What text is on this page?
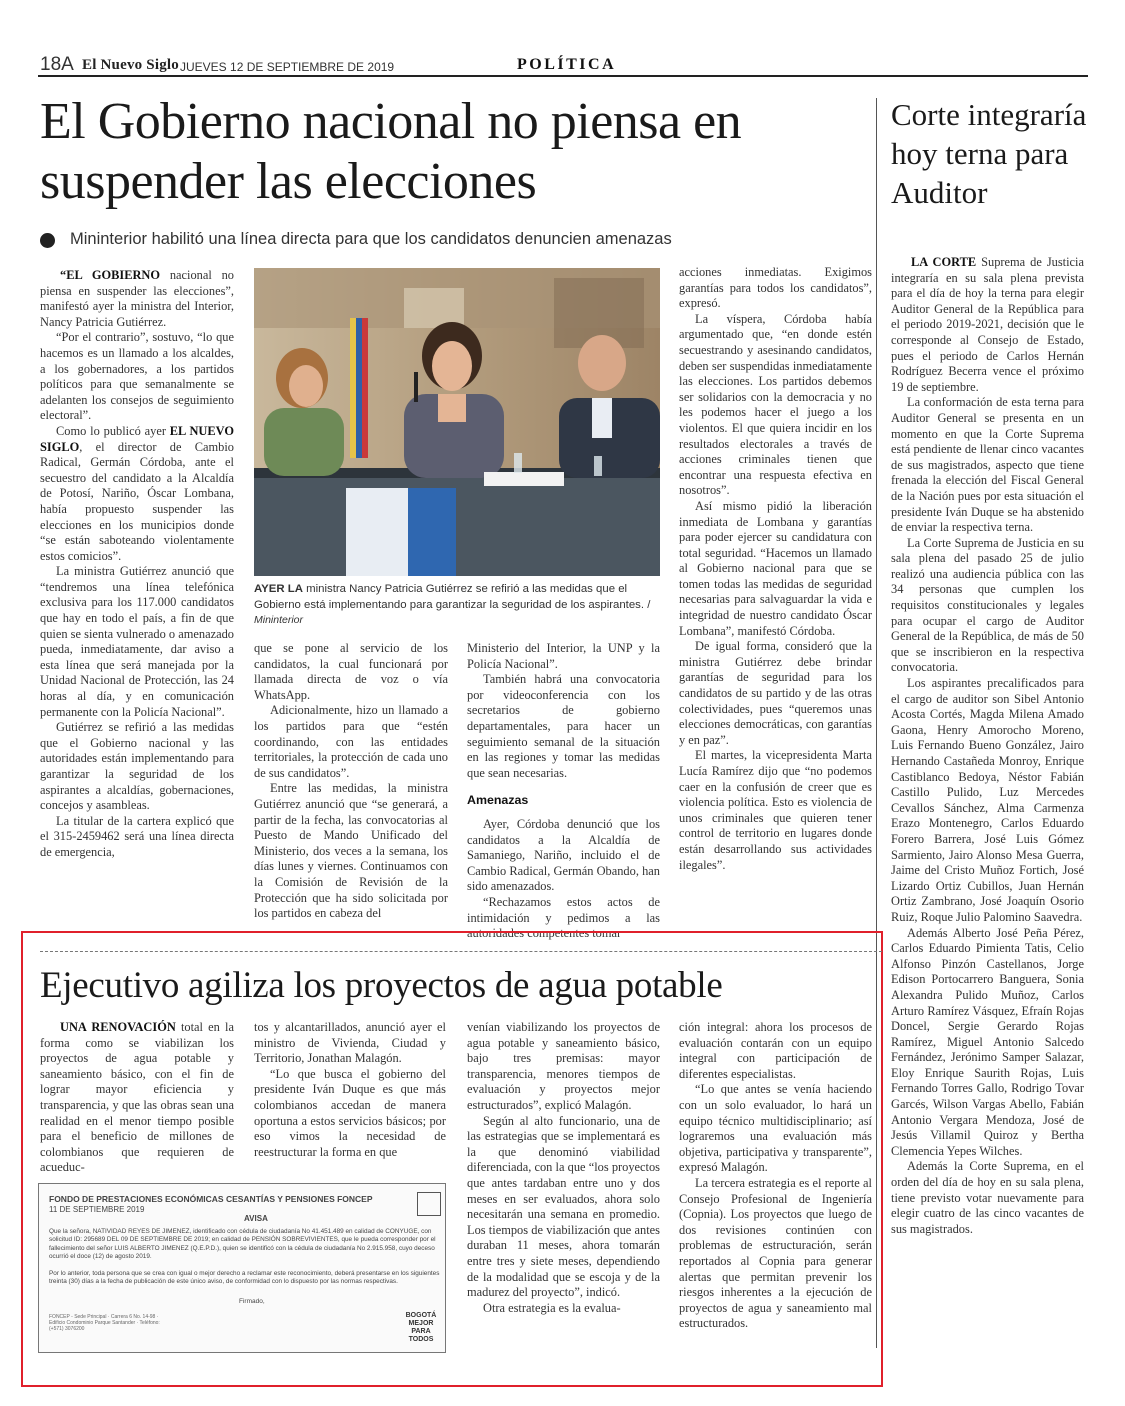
18A El Nuevo Siglo JUEVES 12 DE SEPTIEMBRE DE 2019	POLÍTICA
El Gobierno nacional no piensa en suspender las elecciones
Mininterior habilitó una línea directa para que los candidatos denuncien amenazas

“EL GOBIERNO nacional no piensa en suspender las elecciones”, manifestó ayer la ministra del Interior, Nancy Patricia Gutiérrez.

“Por el contrario”, sostuvo, “lo que hacemos es un llamado a los alcaldes, a los gobernadores, a los partidos políticos para que semanalmente se adelanten los consejos de seguimiento electoral”.

Como lo publicó ayer EL NUEVO SIGLO, el director de Cambio Radical, Germán Córdoba, ante el secuestro del candidato a la Alcaldía de Potosí, Nariño, Óscar Lombana, había propuesto suspender las elecciones en los municipios donde “se están saboteando violentamente estos comicios”.

La ministra Gutiérrez anunció que “tendremos una línea telefónica exclusiva para los 117.000 candidatos que hay en todo el país, a fin de que quien se sienta vulnerado o amenazado pueda, inmediatamente, dar aviso a esta línea que será manejada por la Unidad Nacional de Protección, las 24 horas al día, y en comunicación permanente con la Policía Nacional”.

Gutiérrez se refirió a las medidas que el Gobierno nacional y las autoridades están implementando para garantizar la seguridad de los aspirantes a alcaldías, gobernaciones, concejos y asambleas.

La titular de la cartera explicó que el 315-2459462 será una línea directa de emergencia,

AYER LA ministra Nancy Patricia Gutiérrez se refirió a las medidas que el Gobierno está implementando para garantizar la seguridad de los aspirantes. / Mininterior

que se pone al servicio de los candidatos, la cual funcionará por llamada directa de voz o vía WhatsApp.

Adicionalmente, hizo un llamado a los partidos para que “estén coordinando, con las entidades territoriales, la protección de cada uno de sus candidatos”.

Entre las medidas, la ministra Gutiérrez anunció que “se generará, a partir de la fecha, las convocatorias al Puesto de Mando Unificado del Ministerio, dos veces a la semana, los días lunes y viernes. Continuamos con la Comisión de Revisión de la Protección que ha sido solicitada por los partidos en cabeza del

Ministerio del Interior, la UNP y la Policía Nacional”.

También habrá una convocatoria por videoconferencia con los secretarios de gobierno departamentales, para hacer un seguimiento semanal de la situación en las regiones y tomar las medidas que sean necesarias.

Amenazas

Ayer, Córdoba denunció que los candidatos a la Alcaldía de Samaniego, Nariño, incluido el de Cambio Radical, Germán Obando, han sido amenazados.

“Rechazamos estos actos de intimidación y pedimos a las autoridades competentes tomar

acciones inmediatas. Exigimos garantías para todos los candidatos”, expresó.

La víspera, Córdoba había argumentado que, “en donde estén secuestrando y asesinando candidatos, deben ser suspendidas inmediatamente las elecciones. Los partidos debemos ser solidarios con la democracia y no les podemos hacer el juego a los violentos. El que quiera incidir en los resultados electorales a través de acciones criminales tienen que encontrar una respuesta efectiva en nosotros”.

Así mismo pidió la liberación inmediata de Lombana y garantías para poder ejercer su candidatura con total seguridad. “Hacemos un llamado al Gobierno nacional para que se tomen todas las medidas de seguridad necesarias para salvaguardar la vida e integridad de nuestro candidato Óscar Lombana”, manifestó Córdoba.

De igual forma, consideró que la ministra Gutiérrez debe brindar garantías de seguridad para los candidatos de su partido y de las otras colectividades, pues “queremos unas elecciones democráticas, con garantías y en paz”.

El martes, la vicepresidenta Marta Lucía Ramírez dijo que “no podemos caer en la confusión de creer que es violencia política. Esto es violencia de unos criminales que quieren tener control de territorio en lugares donde están desarrollando sus actividades ilegales”.

Corte integraría hoy terna para Auditor

LA CORTE Suprema de Justicia integraría en su sala plena prevista para el día de hoy la terna para elegir Auditor General de la República para el periodo 2019-2021, decisión que le corresponde al Consejo de Estado, pues el periodo de Carlos Hernán Rodríguez Becerra vence el próximo 19 de septiembre.

La conformación de esta terna para Auditor General se presenta en un momento en que la Corte Suprema está pendiente de llenar cinco vacantes de sus magistrados, aspecto que tiene frenada la elección del Fiscal General de la Nación pues por esta situación el presidente Iván Duque se ha abstenido de enviar la respectiva terna.

La Corte Suprema de Justicia en su sala plena del pasado 25 de julio realizó una audiencia pública con las 34 personas que cumplen los requisitos constitucionales y legales para ocupar el cargo de Auditor General de la República, de más de 50 que se inscribieron en la respectiva convocatoria.

Los aspirantes precalificados para el cargo de auditor son Sibel Antonio Acosta Cortés, Magda Milena Amado Gaona, Henry Amorocho Moreno, Luis Fernando Bueno González, Jairo Hernando Castañeda Monroy, Enrique Castiblanco Bedoya, Néstor Fabián Castillo Pulido, Luz Mercedes Cevallos Sánchez, Alma Carmenza Erazo Montenegro, Carlos Eduardo Forero Barrera, José Luis Gómez Sarmiento, Jairo Alonso Mesa Guerra, Jaime del Cristo Muñoz Fortich, José Lizardo Ortiz Cubillos, Juan Hernán Ortiz Zambrano, José Joaquín Osorio Ruiz, Roque Julio Palomino Saavedra.

Además Alberto José Peña Pérez, Carlos Eduardo Pimienta Tatis, Celio Alfonso Pinzón Castellanos, Jorge Edison Portocarrero Banguera, Sonia Alexandra Pulido Muñoz, Carlos Arturo Ramírez Vásquez, Efraín Rojas Doncel, Sergie Gerardo Rojas Ramírez, Miguel Antonio Salcedo Fernández, Jerónimo Samper Salazar, Eloy Enrique Saurith Rojas, Luis Fernando Torres Gallo, Rodrigo Tovar Garcés, Wilson Vargas Abello, Fabián Antonio Vergara Mendoza, José de Jesús Villamil Quiroz y Bertha Clemencia Yepes Wilches.

Además la Corte Suprema, en el orden del día de hoy en su sala plena, tiene previsto votar nuevamente para elegir cuatro de las cinco vacantes de sus magistrados.

Ejecutivo agiliza los proyectos de agua potable

UNA RENOVACIÓN total en la forma como se viabilizan los proyectos de agua potable y saneamiento básico, con el fin de lograr mayor eficiencia y transparencia, y que las obras sean una realidad en el menor tiempo posible para el beneficio de millones de colombianos que requieren de acueduc-

tos y alcantarillados, anunció ayer el ministro de Vivienda, Ciudad y Territorio, Jonathan Malagón.

“Lo que busca el gobierno del presidente Iván Duque es que más colombianos accedan de manera oportuna a estos servicios básicos; por eso vimos la necesidad de reestructurar la forma en que

venían viabilizando los proyectos de agua potable y saneamiento básico, bajo tres premisas: mayor transparencia, menores tiempos de evaluación y proyectos mejor estructurados”, explicó Malagón.

Según al alto funcionario, una de las estrategias que se implementará es la que denominó viabilidad diferenciada, con la que “los proyectos que antes tardaban entre uno y dos meses en ser evaluados, ahora solo necesitarán una semana en promedio. Los tiempos de viabilización que antes duraban 11 meses, ahora tomarán entre tres y siete meses, dependiendo de la modalidad que se escoja y de la madurez del proyecto”, indicó.

Otra estrategia es la evalua-

ción integral: ahora los procesos de evaluación contarán con un equipo integral con participación de diferentes especialistas.

“Lo que antes se venía haciendo con un solo evaluador, lo hará un equipo técnico multidisciplinario; así lograremos una evaluación más objetiva, participativa y transparente”, expresó Malagón.

La tercera estrategia es el reporte al Consejo Profesional de Ingeniería (Copnia). Los proyectos que luego de dos revisiones continúen con problemas de estructuración, serán reportados al Copnia para generar alertas que permitan prevenir los riesgos inherentes a la ejecución de proyectos de agua y saneamiento mal estructurados.

FONDO DE PRESTACIONES ECONÓMICAS CESANTÍAS Y PENSIONES FONCEP
11 DE SEPTIEMBRE 2019
AVISA
Que la señora, NATIVIDAD REYES DE JIMENEZ, identificado con cédula de ciudadanía No 41.451.489 en calidad de CONYUGE, con solicitud ID: 295689 DEL 09 DE SEPTIEMBRE DE 2019; en calidad de PENSIÓN SOBREVIVIENTES, que le pueda corresponder por el fallecimiento del señor LUIS ALBERTO JIMENEZ (Q.E.P.D.), quien se identificó con la cédula de ciudadanía No 2.915.958, cuyo deceso ocurrió el doce (12) de agosto 2019.
Por lo anterior, toda persona que se crea con igual o mejor derecho a reclamar este reconocimiento, deberá presentarse en los siguientes treinta (30) días a la fecha de publicación de este único aviso, de conformidad con lo dispuesto por las normas respectivas.
Firmado,
FONCEP - Sede Principal · Carrera 6 No. 14-98 · Edificio Condominio Parque Santander · Teléfono: (+571) 3076200
BOGOTÁ MEJOR PARA TODOS
